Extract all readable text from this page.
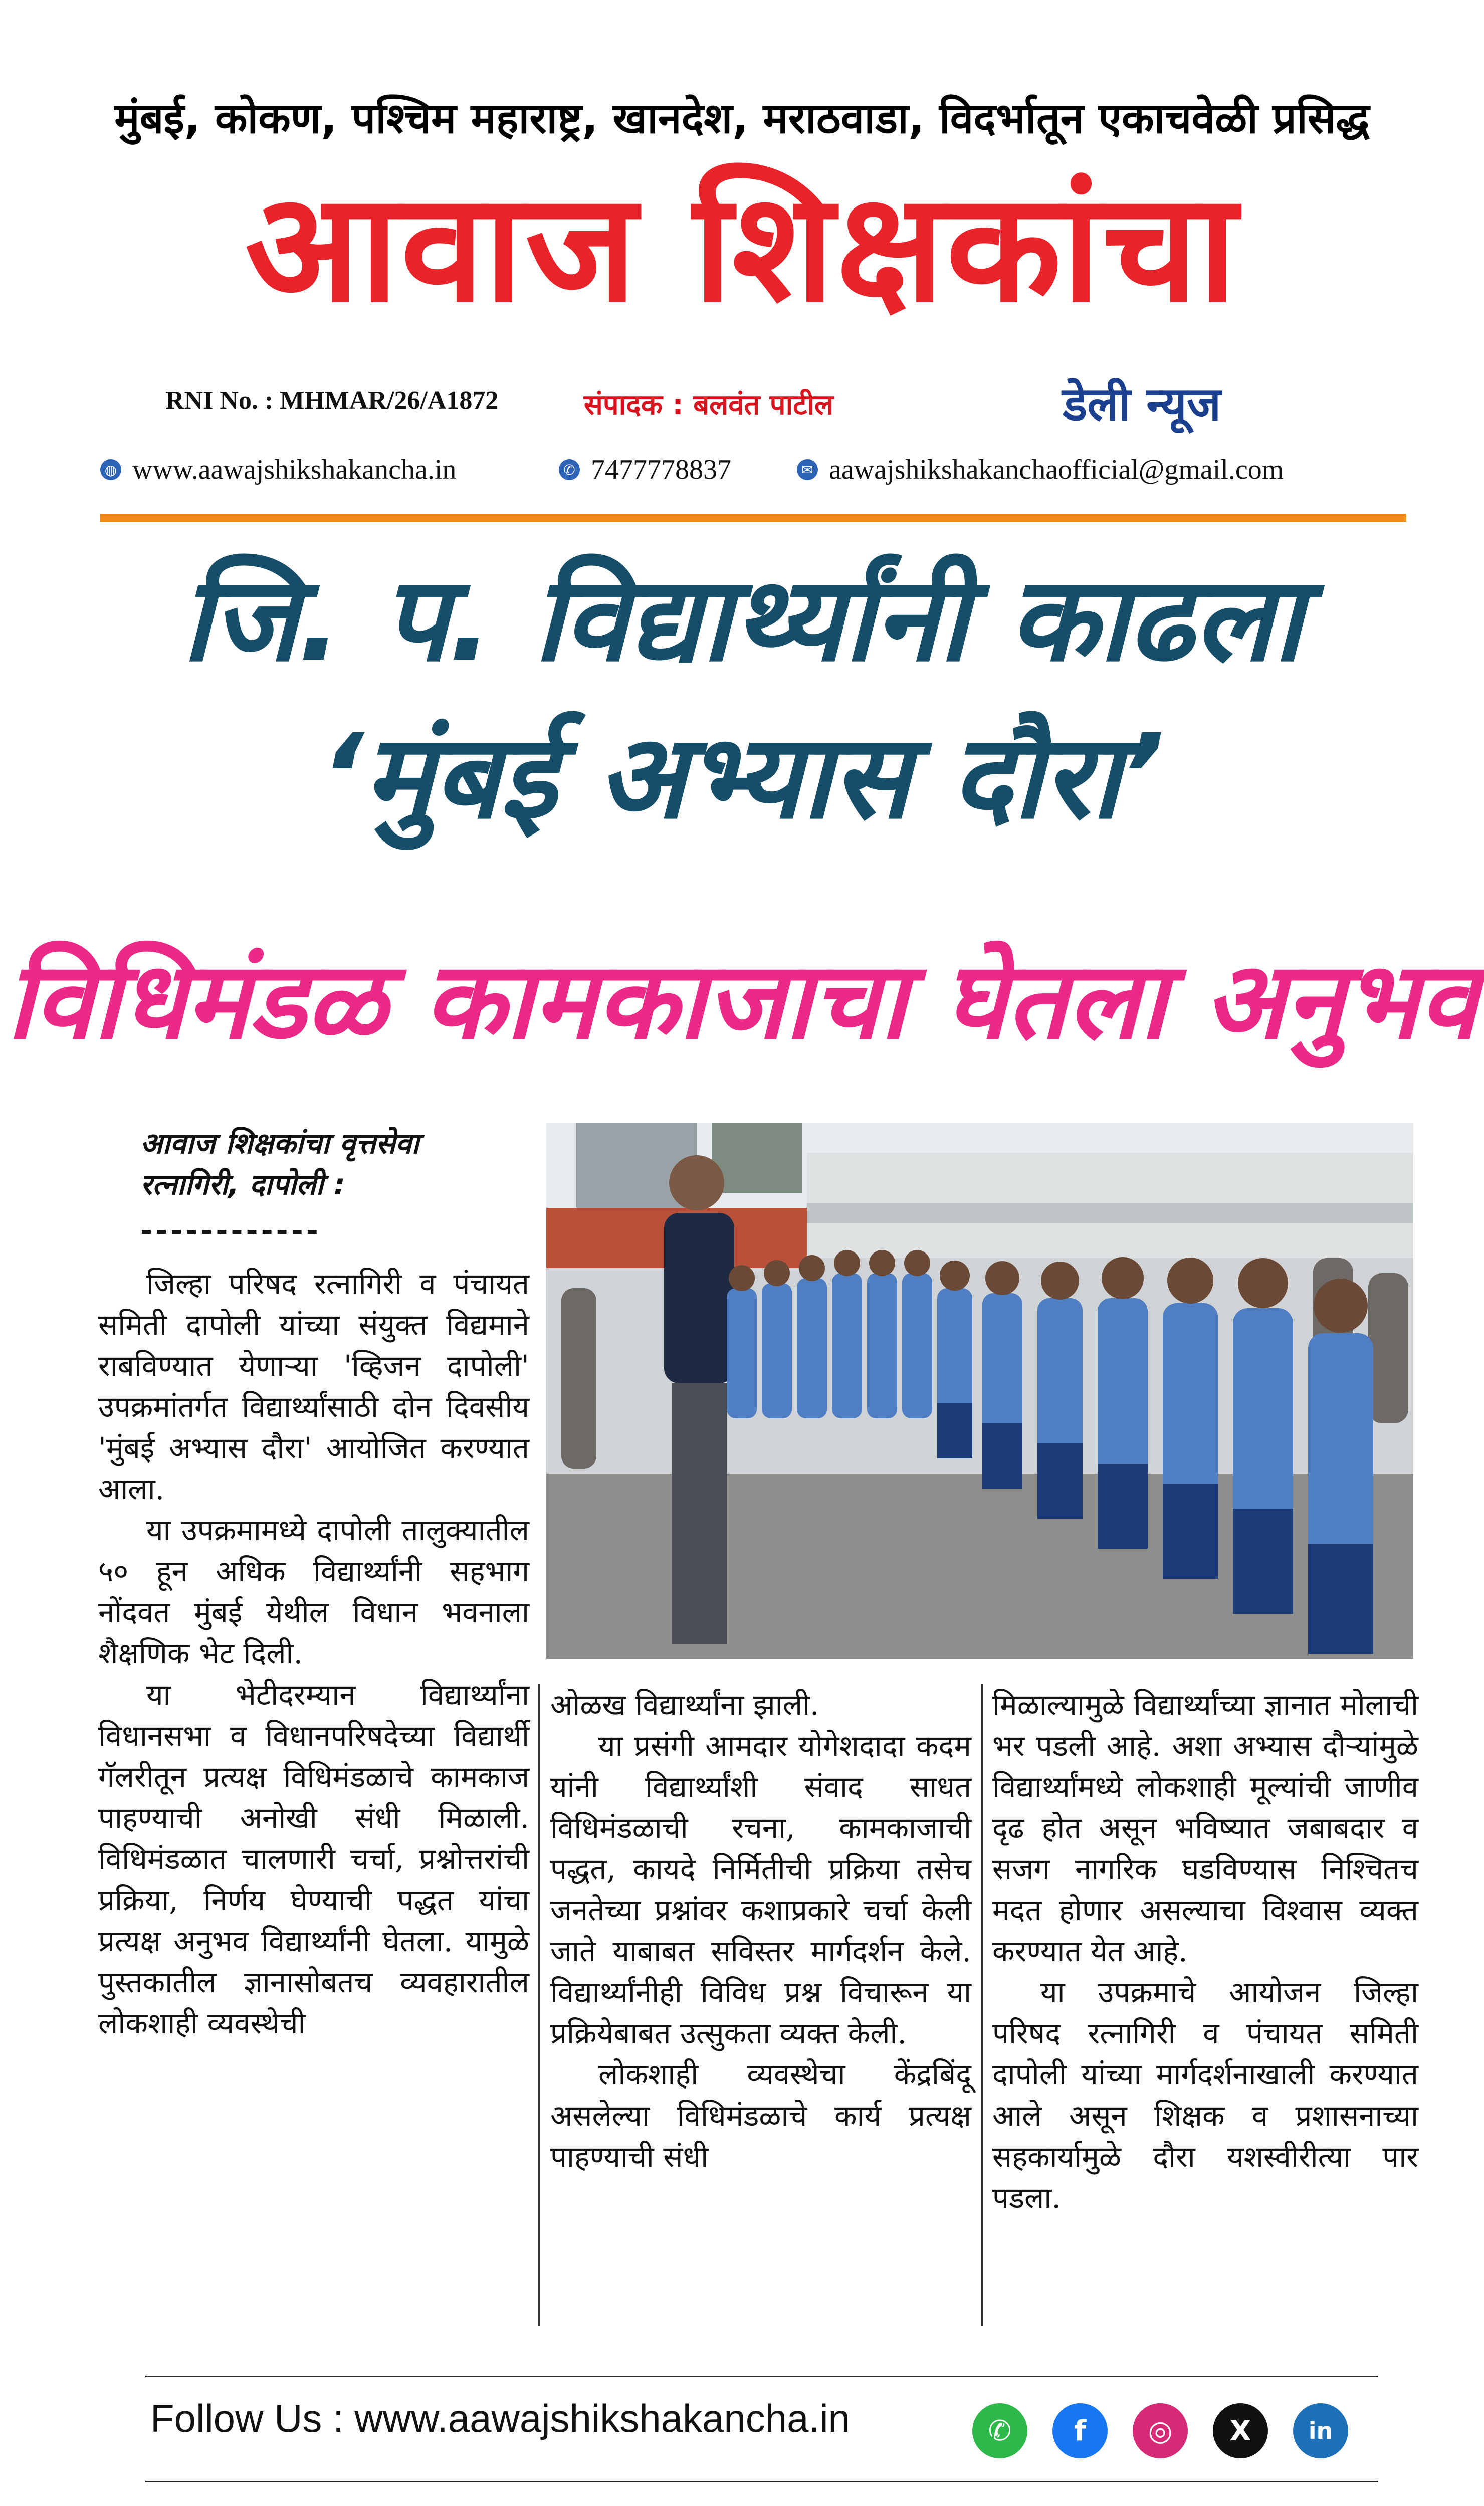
मुंबई, कोकण, पश्चिम महाराष्ट्र, खानदेश, मराठवाडा, विदर्भातून एकाचवेळी प्रसिद्ध
आवाज शिक्षकांचा
RNI No. : MHMAR/26/A1872	संपादक : बलवंत पाटील	डेली न्यूज
◍ www.aawajshikshakancha.in	✆ 7477778837	✉ aawajshikshakanchaofficial@gmail.com
जि. प. विद्यार्थ्यांनी काढला
‘मुंबई अभ्यास दौरा’
विधिमंडळ कामकाजाचा घेतला अनुभव
आवाज शिक्षकांचा वृत्तसेवा
रत्नागिरी, दापोली :
------------

जिल्हा परिषद रत्नागिरी व पंचायत समिती दापोली यांच्या संयुक्त विद्यमाने राबविण्यात येणाऱ्या 'व्हिजन दापोली' उपक्रमांतर्गत विद्यार्थ्यांसाठी दोन दिवसीय 'मुंबई अभ्यास दौरा' आयोजित करण्यात आला.

या उपक्रमामध्ये दापोली तालुक्यातील ५० हून अधिक विद्यार्थ्यांनी सहभाग नोंदवत मुंबई येथील विधान भवनाला शैक्षणिक भेट दिली.

या भेटीदरम्यान विद्यार्थ्यांना विधानसभा व विधानपरिषदेच्या विद्यार्थी गॅलरीतून प्रत्यक्ष विधिमंडळाचे कामकाज पाहण्याची अनोखी संधी मिळाली. विधिमंडळात चालणारी चर्चा, प्रश्नोत्तरांची प्रक्रिया, निर्णय घेण्याची पद्धत यांचा प्रत्यक्ष अनुभव विद्यार्थ्यांनी घेतला. यामुळे पुस्तकातील ज्ञानासोबतच व्यवहारातील लोकशाही व्यवस्थेची

ओळख विद्यार्थ्यांना झाली.

या प्रसंगी आमदार योगेशदादा कदम यांनी विद्यार्थ्यांशी संवाद साधत विधिमंडळाची रचना, कामकाजाची पद्धत, कायदे निर्मितीची प्रक्रिया तसेच जनतेच्या प्रश्नांवर कशाप्रकारे चर्चा केली जाते याबाबत सविस्तर मार्गदर्शन केले. विद्यार्थ्यांनीही विविध प्रश्न विचारून या प्रक्रियेबाबत उत्सुकता व्यक्त केली.

लोकशाही व्यवस्थेचा केंद्रबिंदू असलेल्या विधिमंडळाचे कार्य प्रत्यक्ष पाहण्याची संधी

मिळाल्यामुळे विद्यार्थ्यांच्या ज्ञानात मोलाची भर पडली आहे. अशा अभ्यास दौऱ्यांमुळे विद्यार्थ्यांमध्ये लोकशाही मूल्यांची जाणीव दृढ होत असून भविष्यात जबाबदार व सजग नागरिक घडविण्यास निश्चितच मदत होणार असल्याचा विश्वास व्यक्त करण्यात येत आहे.

या उपक्रमाचे आयोजन जिल्हा परिषद रत्नागिरी व पंचायत समिती दापोली यांच्या मार्गदर्शनाखाली करण्यात आले असून शिक्षक व प्रशासनाच्या सहकार्यामुळे दौरा यशस्वीरीत्या पार पडला.

Follow Us : www.aawajshikshakancha.in	✆	f	◎	X	in
